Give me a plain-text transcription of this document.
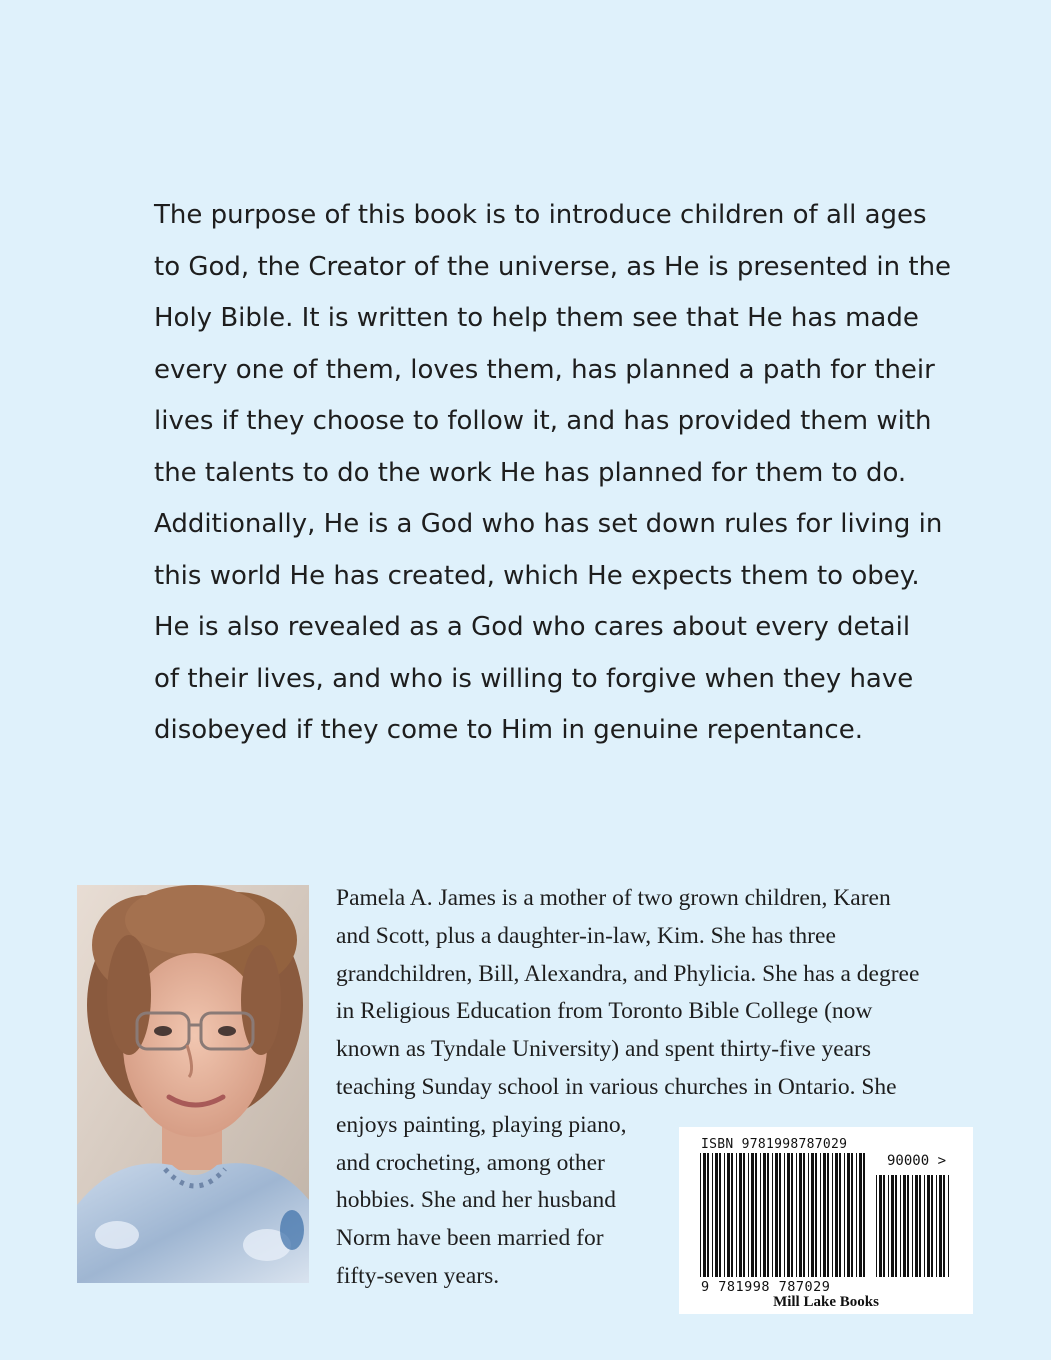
The purpose of this book is to introduce children of all ages
to God, the Creator of the universe, as He is presented in the
Holy Bible. It is written to help them see that He has made
every one of them, loves them, has planned a path for their
lives if they choose to follow it, and has provided them with
the talents to do the work He has planned for them to do.
Additionally, He is a God who has set down rules for living in
this world He has created, which He expects them to obey.
He is also revealed as a God who cares about every detail
of their lives, and who is willing to forgive when they have
disobeyed if they come to Him in genuine repentance.
Pamela A. James is a mother of two grown children, Karen
and Scott, plus a daughter-in-law, Kim. She has three
grandchildren, Bill, Alexandra, and Phylicia. She has a degree
in Religious Education from Toronto Bible College (now
known as Tyndale University) and spent thirty-five years
teaching Sunday school in various churches in Ontario. She
enjoys painting, playing piano,
and crocheting, among other
hobbies. She and her husband
Norm have been married for
fifty-seven years.
ISBN 9781998787029
90000 >
9 781998 787029
Mill Lake Books
